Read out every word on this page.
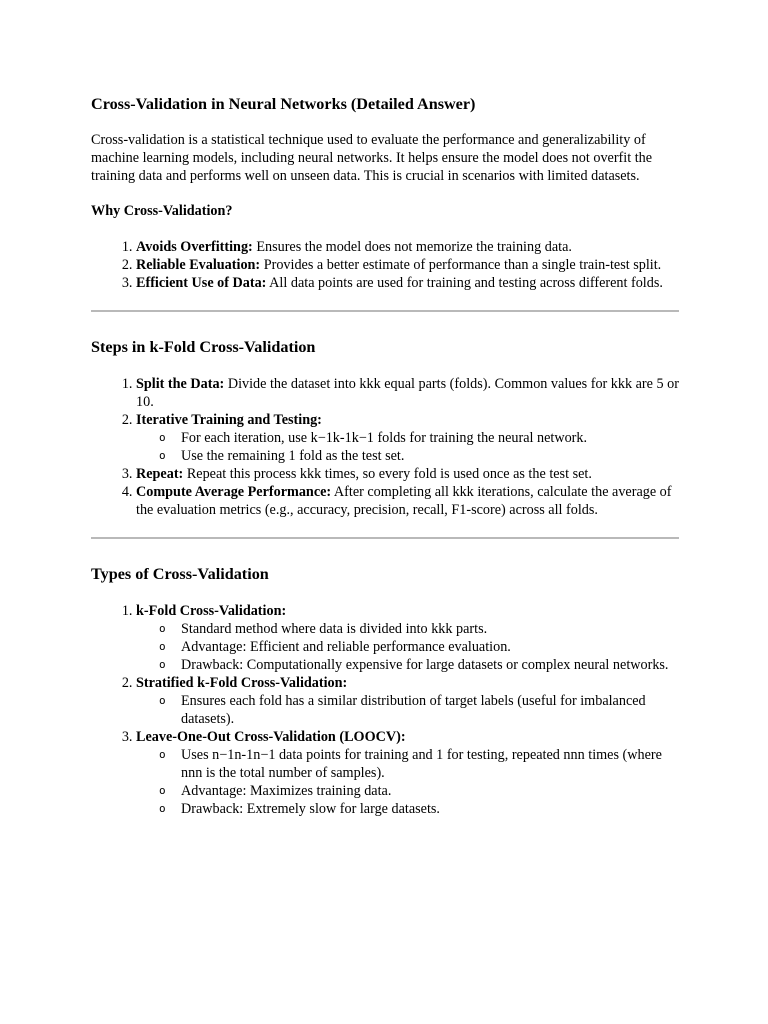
Cross-Validation in Neural Networks (Detailed Answer)

Cross-validation is a statistical technique used to evaluate the performance and generalizability of machine learning models, including neural networks. It helps ensure the model does not overfit the training data and performs well on unseen data. This is crucial in scenarios with limited datasets.

Why Cross-Validation?
1. Avoids Overfitting: Ensures the model does not memorize the training data.
2. Reliable Evaluation: Provides a better estimate of performance than a single train-test split.
3. Efficient Use of Data: All data points are used for training and testing across different folds.
Steps in k-Fold Cross-Validation
1. Split the Data: Divide the dataset into kkk equal parts (folds). Common values for kkk are 5 or 10.
2. Iterative Training and Testing:
o For each iteration, use k−1k-1k−1 folds for training the neural network.
o Use the remaining 1 fold as the test set.
3. Repeat: Repeat this process kkk times, so every fold is used once as the test set.
4. Compute Average Performance: After completing all kkk iterations, calculate the average of the evaluation metrics (e.g., accuracy, precision, recall, F1-score) across all folds.
Types of Cross-Validation
1. k-Fold Cross-Validation:
o Standard method where data is divided into kkk parts.
o Advantage: Efficient and reliable performance evaluation.
o Drawback: Computationally expensive for large datasets or complex neural networks.
2. Stratified k-Fold Cross-Validation:
o Ensures each fold has a similar distribution of target labels (useful for imbalanced datasets).
3. Leave-One-Out Cross-Validation (LOOCV):
o Uses n−1n-1n−1 data points for training and 1 for testing, repeated nnn times (where nnn is the total number of samples).
o Advantage: Maximizes training data.
o Drawback: Extremely slow for large datasets.
